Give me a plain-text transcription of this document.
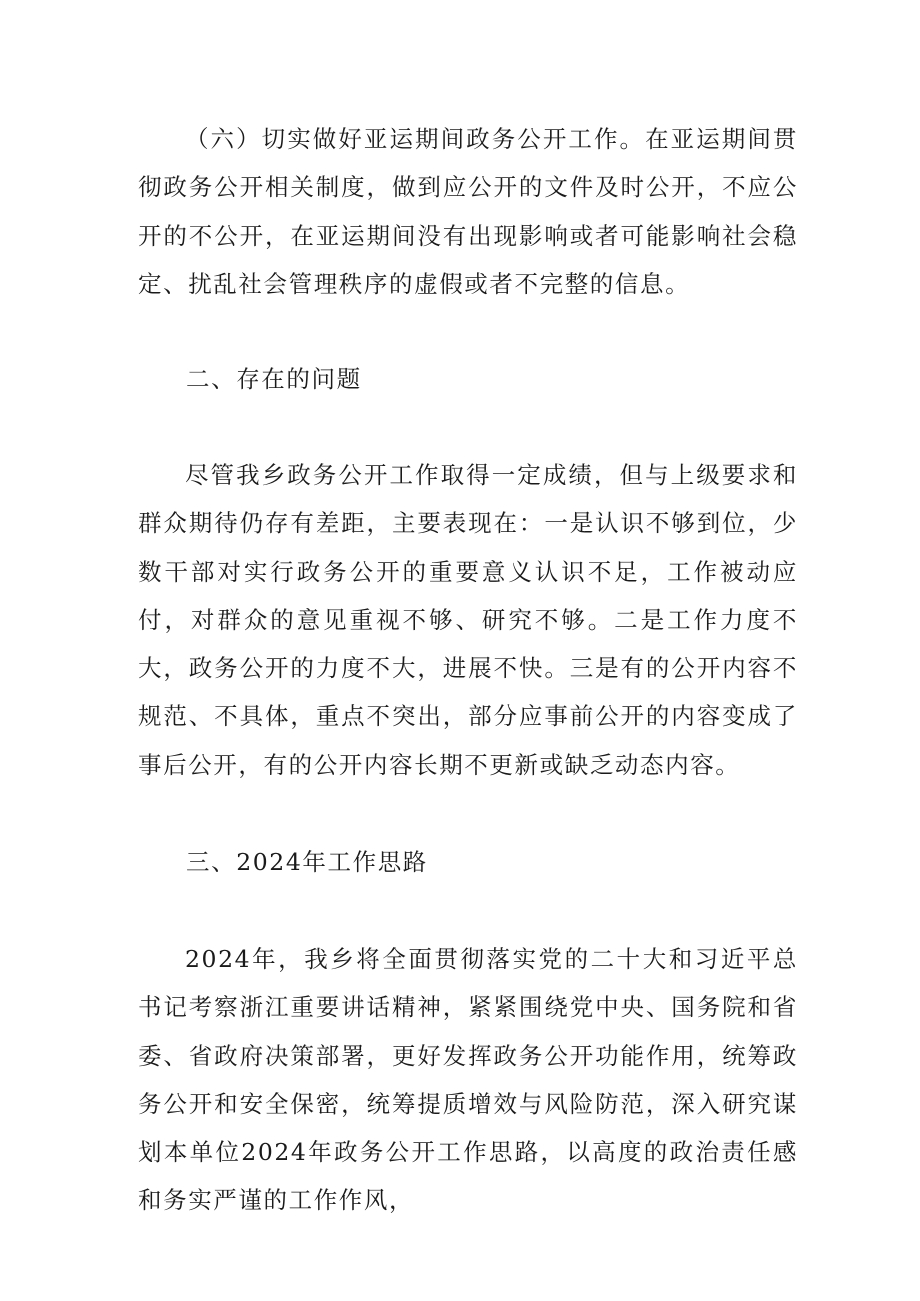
（六）切实做好亚运期间政务公开工作。在亚运期间贯彻政务公开相关制度，做到应公开的文件及时公开，不应公开的不公开，在亚运期间没有出现影响或者可能影响社会稳定、扰乱社会管理秩序的虚假或者不完整的信息。

二、存在的问题

尽管我乡政务公开工作取得一定成绩，但与上级要求和群众期待仍存有差距，主要表现在：一是认识不够到位，少数干部对实行政务公开的重要意义认识不足，工作被动应付，对群众的意见重视不够、研究不够。二是工作力度不大，政务公开的力度不大，进展不快。三是有的公开内容不规范、不具体，重点不突出，部分应事前公开的内容变成了事后公开，有的公开内容长期不更新或缺乏动态内容。

三、2024年工作思路

2024年，我乡将全面贯彻落实党的二十大和习近平总书记考察浙江重要讲话精神，紧紧围绕党中央、国务院和省委、省政府决策部署，更好发挥政务公开功能作用，统筹政务公开和安全保密，统筹提质增效与风险防范，深入研究谋划本单位2024年政务公开工作思路，以高度的政治责任感和务实严谨的工作作风，
